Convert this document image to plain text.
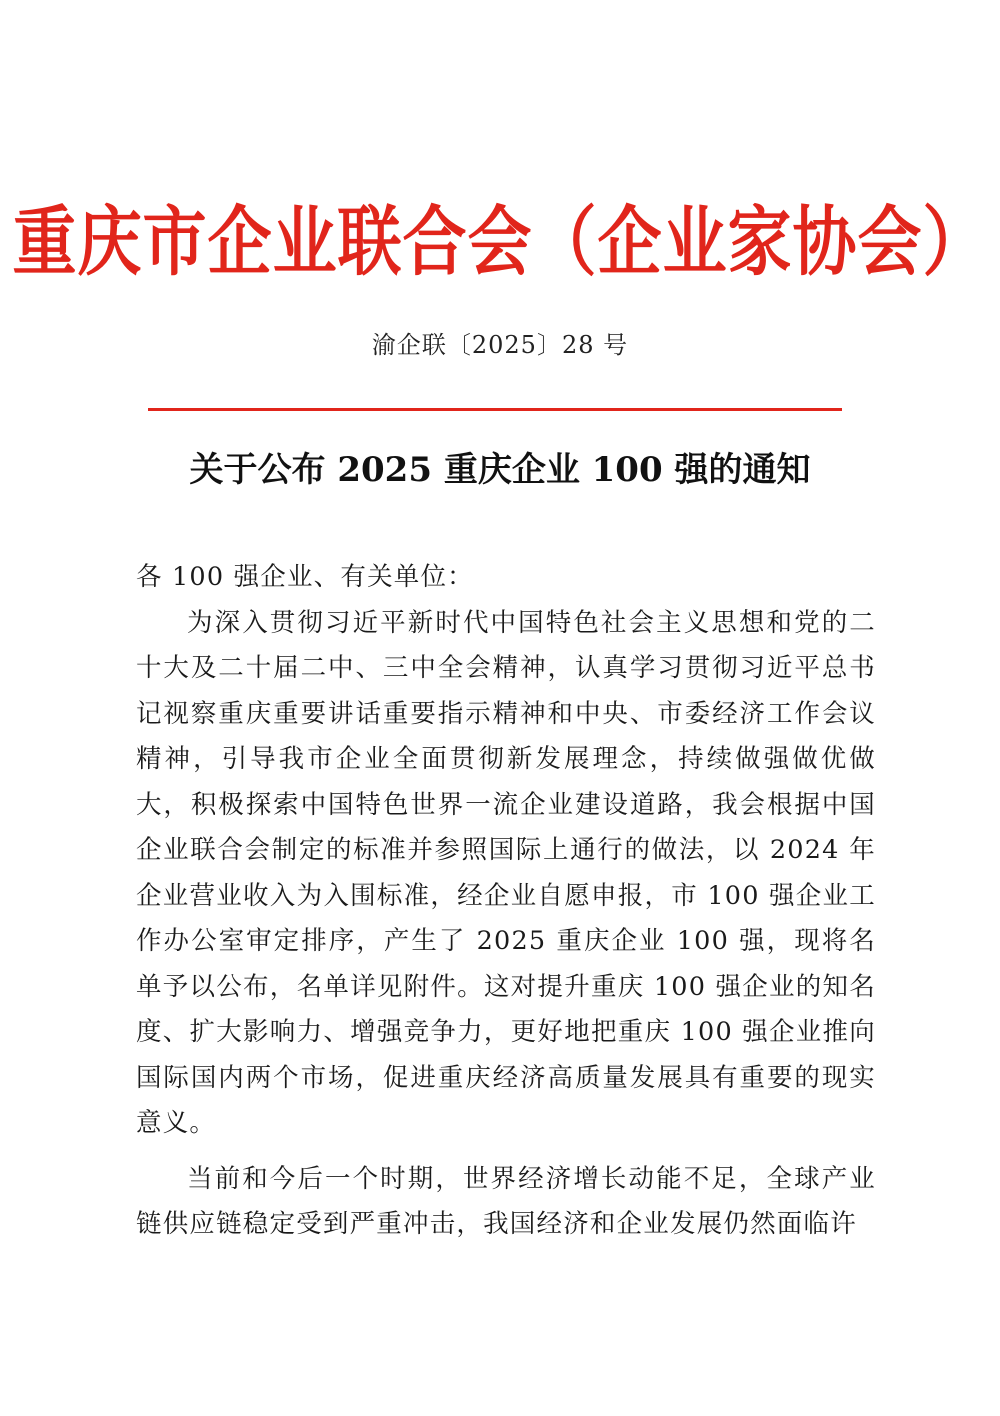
重庆市企业联合会（企业家协会）
渝企联〔2025〕28 号
关于公布 2025 重庆企业 100 强的通知

各 100 强企业、有关单位：

为深入贯彻习近平新时代中国特色社会主义思想和党的二十大及二十届二中、三中全会精神，认真学习贯彻习近平总书记视察重庆重要讲话重要指示精神和中央、市委经济工作会议精神，引导我市企业全面贯彻新发展理念，持续做强做优做大，积极探索中国特色世界一流企业建设道路，我会根据中国企业联合会制定的标准并参照国际上通行的做法，以 2024 年企业营业收入为入围标准，经企业自愿申报，市 100 强企业工作办公室审定排序，产生了 2025 重庆企业 100 强，现将名单予以公布，名单详见附件。这对提升重庆 100 强企业的知名度、扩大影响力、增强竞争力，更好地把重庆 100 强企业推向国际国内两个市场，促进重庆经济高质量发展具有重要的现实意义。

当前和今后一个时期，世界经济增长动能不足，全球产业链供应链稳定受到严重冲击，我国经济和企业发展仍然面临许
